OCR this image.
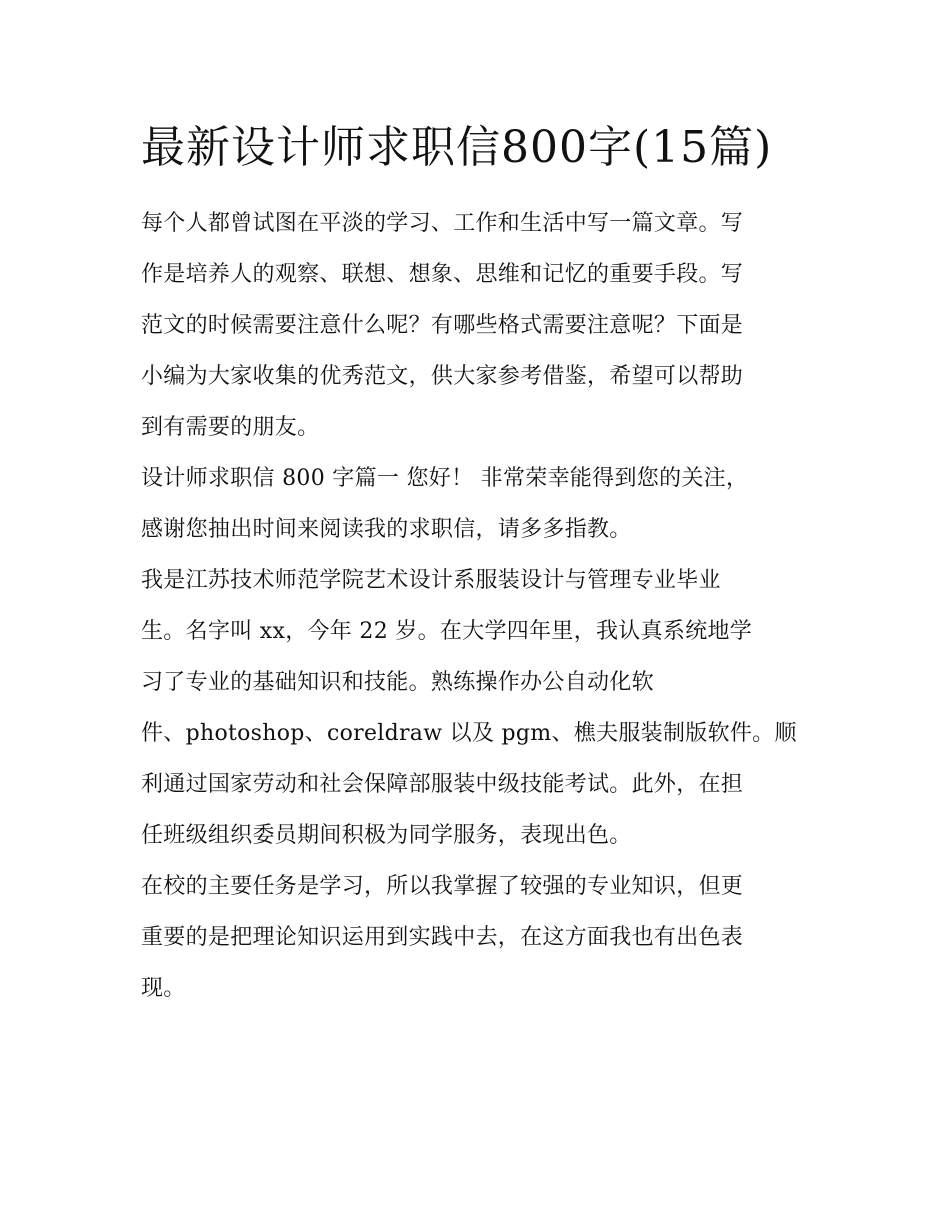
最新设计师求职信800字(15篇)

每个人都曾试图在平淡的学习、工作和生活中写一篇文章。写
作是培养人的观察、联想、想象、思维和记忆的重要手段。写
范文的时候需要注意什么呢？有哪些格式需要注意呢？下面是
小编为大家收集的优秀范文，供大家参考借鉴，希望可以帮助
到有需要的朋友。

设计师求职信 800 字篇一 您好！ 非常荣幸能得到您的关注，
感谢您抽出时间来阅读我的求职信，请多多指教。

我是江苏技术师范学院艺术设计系服装设计与管理专业毕业
生。名字叫 xx，今年 22 岁。在大学四年里，我认真系统地学
习了专业的基础知识和技能。熟练操作办公自动化软
件、photoshop、coreldraw 以及 pgm、樵夫服装制版软件。顺
利通过国家劳动和社会保障部服装中级技能考试。此外，在担
任班级组织委员期间积极为同学服务，表现出色。

在校的主要任务是学习，所以我掌握了较强的专业知识，但更
重要的是把理论知识运用到实践中去，在这方面我也有出色表
现。
